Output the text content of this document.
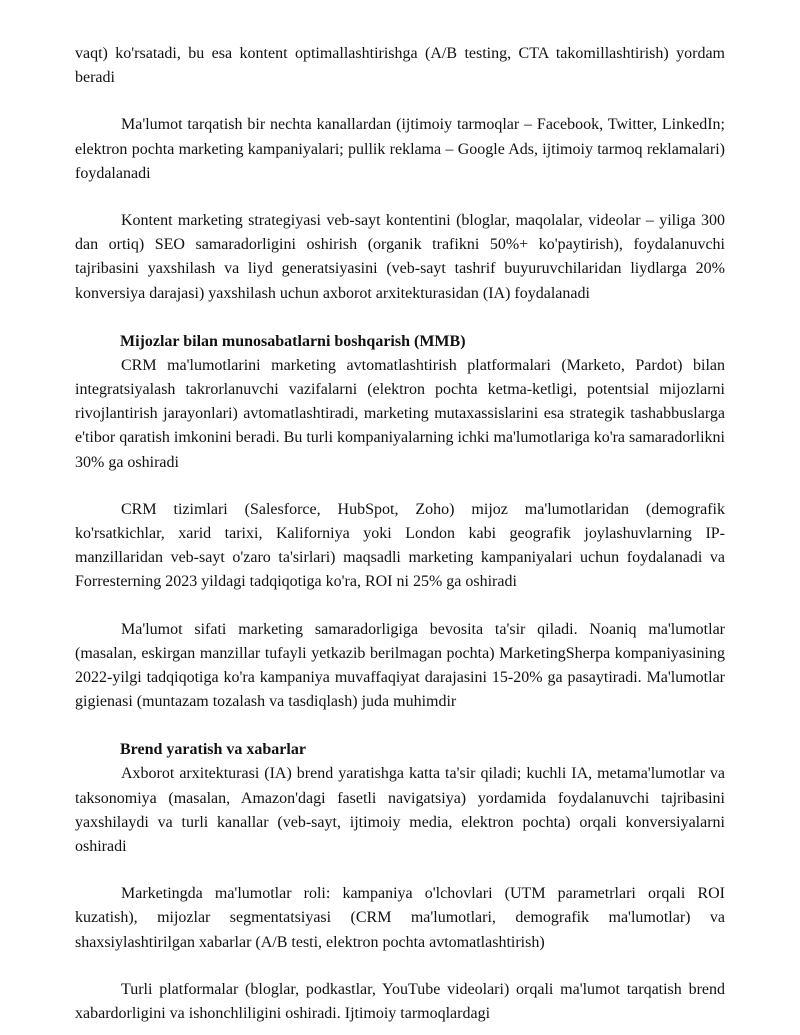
vaqt) ko'rsatadi, bu esa kontent optimallashtirishga (A/B testing, CTA takomillashtirish) yordam beradi

Ma'lumot tarqatish bir nechta kanallardan (ijtimoiy tarmoqlar – Facebook, Twitter, LinkedIn; elektron pochta marketing kampaniyalari; pullik reklama – Google Ads, ijtimoiy tarmoq reklamalari) foydalanadi

Kontent marketing strategiyasi veb-sayt kontentini (bloglar, maqolalar, videolar – yiliga 300 dan ortiq) SEO samaradorligini oshirish (organik trafikni 50%+ ko'paytirish), foydalanuvchi tajribasini yaxshilash va liyd generatsiyasini (veb-sayt tashrif buyuruvchilaridan liydlarga 20% konversiya darajasi) yaxshilash uchun axborot arxitekturasidan (IA) foydalanadi

Mijozlar bilan munosabatlarni boshqarish (MMB)

CRM ma'lumotlarini marketing avtomatlashtirish platformalari (Marketo, Pardot) bilan integratsiyalash takrorlanuvchi vazifalarni (elektron pochta ketma-ketligi, potentsial mijozlarni rivojlantirish jarayonlari) avtomatlashtiradi, marketing mutaxassislarini esa strategik tashabbuslarga e'tibor qaratish imkonini beradi. Bu turli kompaniyalarning ichki ma'lumotlariga ko'ra samaradorlikni 30% ga oshiradi

CRM tizimlari (Salesforce, HubSpot, Zoho) mijoz ma'lumotlaridan (demografik ko'rsatkichlar, xarid tarixi, Kaliforniya yoki London kabi geografik joylashuvlarning IP-manzillaridan veb-sayt o'zaro ta'sirlari) maqsadli marketing kampaniyalari uchun foydalanadi va Forresterning 2023 yildagi tadqiqotiga ko'ra, ROI ni 25% ga oshiradi

Ma'lumot sifati marketing samaradorligiga bevosita ta'sir qiladi. Noaniq ma'lumotlar (masalan, eskirgan manzillar tufayli yetkazib berilmagan pochta) MarketingSherpa kompaniyasining 2022-yilgi tadqiqotiga ko'ra kampaniya muvaffaqiyat darajasini 15-20% ga pasaytiradi. Ma'lumotlar gigienasi (muntazam tozalash va tasdiqlash) juda muhimdir

Brend yaratish va xabarlar

Axborot arxitekturasi (IA) brend yaratishga katta ta'sir qiladi; kuchli IA, metama'lumotlar va taksonomiya (masalan, Amazon'dagi fasetli navigatsiya) yordamida foydalanuvchi tajribasini yaxshilaydi va turli kanallar (veb-sayt, ijtimoiy media, elektron pochta) orqali konversiyalarni oshiradi

Marketingda ma'lumotlar roli: kampaniya o'lchovlari (UTM parametrlari orqali ROI kuzatish), mijozlar segmentatsiyasi (CRM ma'lumotlari, demografik ma'lumotlar) va shaxsiylashtirilgan xabarlar (A/B testi, elektron pochta avtomatlashtirish)

Turli platformalar (bloglar, podkastlar, YouTube videolari) orqali ma'lumot tarqatish brend xabardorligini va ishonchliligini oshiradi. Ijtimoiy tarmoqlardagi
